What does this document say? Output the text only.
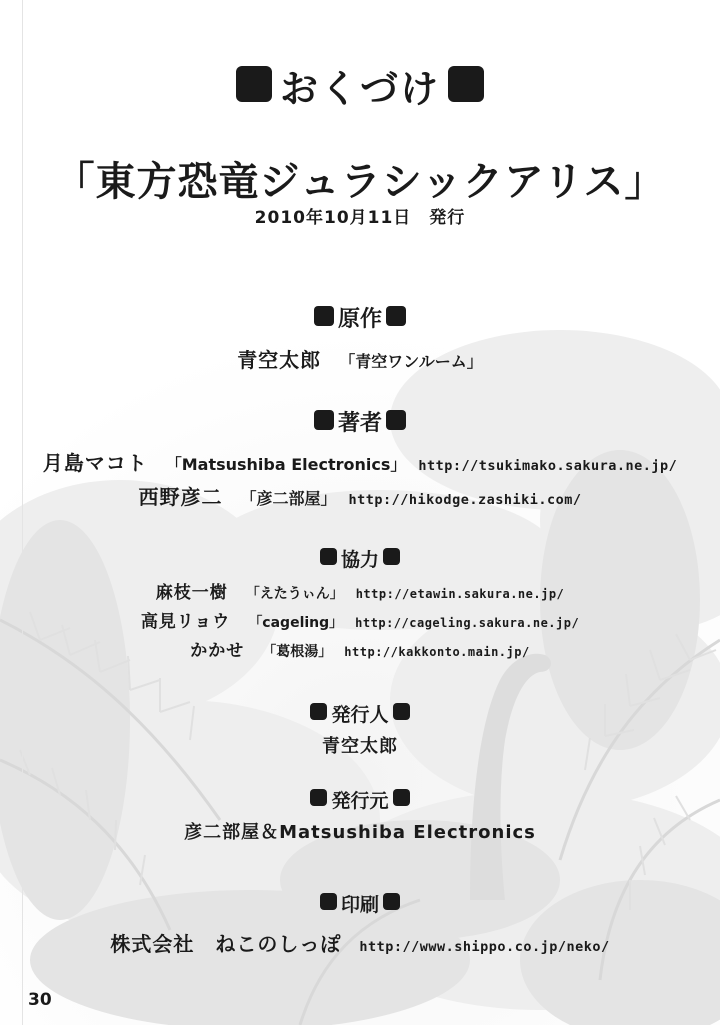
おくづけ
「東方恐竜ジュラシックアリス」
2010年10月11日　発行
原作
青空太郎 「青空ワンルーム」
著者
月島マコト 「Matsushiba Electronics」 http://tsukimako.sakura.ne.jp/
西野彦二 「彦二部屋」 http://hikodge.zashiki.com/
協力
麻枝一樹 「えたうぃん」 http://etawin.sakura.ne.jp/
高見リョウ 「cageling」 http://cageling.sakura.ne.jp/
かかせ 「葛根湯」 http://kakkonto.main.jp/
発行人
青空太郎
発行元
彦二部屋＆Matsushiba Electronics
印刷
株式会社　ねこのしっぽ http://www.shippo.co.jp/neko/
30
